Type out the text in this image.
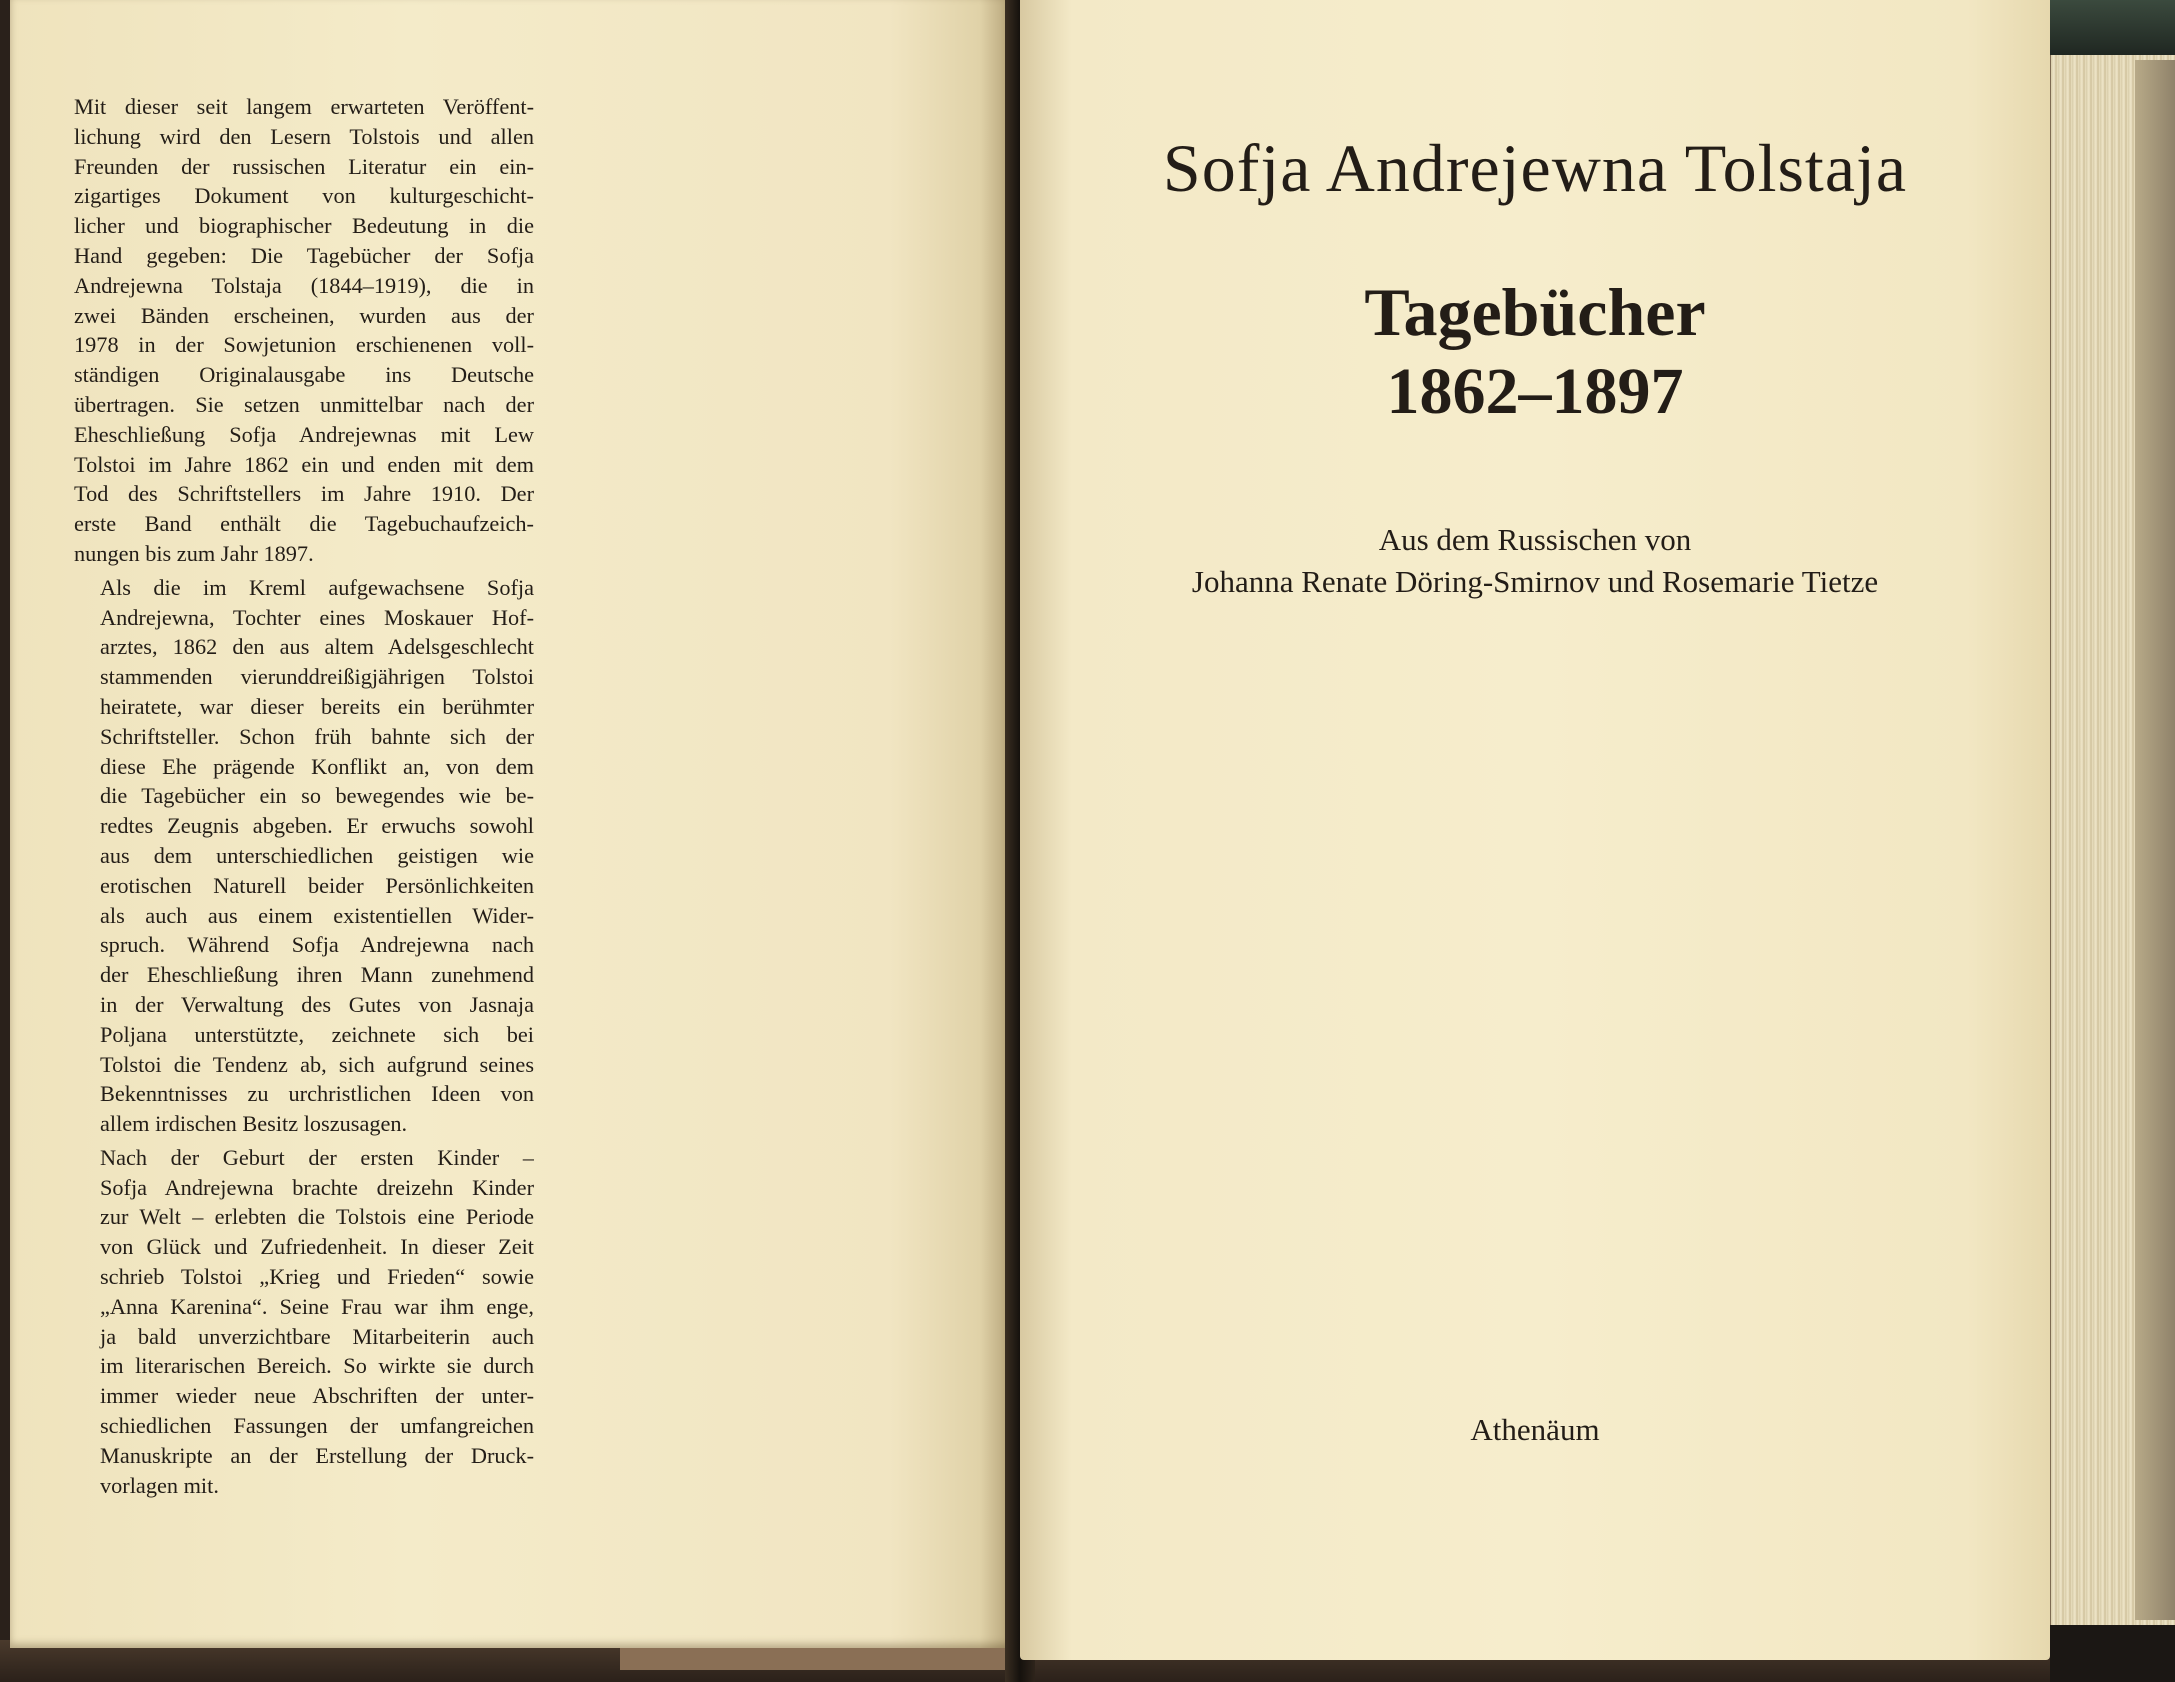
Mit dieser seit langem erwarteten Veröffent-
lichung wird den Lesern Tolstois und allen
Freunden der russischen Literatur ein ein-
zigartiges Dokument von kulturgeschicht-
licher und biographischer Bedeutung in die
Hand gegeben: Die Tagebücher der Sofja
Andrejewna Tolstaja (1844–1919), die in
zwei Bänden erscheinen, wurden aus der
1978 in der Sowjetunion erschienenen voll-
ständigen Originalausgabe ins Deutsche
übertragen. Sie setzen unmittelbar nach der
Eheschließung Sofja Andrejewnas mit Lew
Tolstoi im Jahre 1862 ein und enden mit dem
Tod des Schriftstellers im Jahre 1910. Der
erste Band enthält die Tagebuchaufzeich-
nungen bis zum Jahr 1897.

Als die im Kreml aufgewachsene Sofja
Andrejewna, Tochter eines Moskauer Hof-
arztes, 1862 den aus altem Adelsgeschlecht
stammenden vierunddreißigjährigen Tolstoi
heiratete, war dieser bereits ein berühmter
Schriftsteller. Schon früh bahnte sich der
diese Ehe prägende Konflikt an, von dem
die Tagebücher ein so bewegendes wie be-
redtes Zeugnis abgeben. Er erwuchs sowohl
aus dem unterschiedlichen geistigen wie
erotischen Naturell beider Persönlichkeiten
als auch aus einem existentiellen Wider-
spruch. Während Sofja Andrejewna nach
der Eheschließung ihren Mann zunehmend
in der Verwaltung des Gutes von Jasnaja
Poljana unterstützte, zeichnete sich bei
Tolstoi die Tendenz ab, sich aufgrund seines
Bekenntnisses zu urchristlichen Ideen von
allem irdischen Besitz loszusagen.

Nach der Geburt der ersten Kinder –
Sofja Andrejewna brachte dreizehn Kinder
zur Welt – erlebten die Tolstois eine Periode
von Glück und Zufriedenheit. In dieser Zeit
schrieb Tolstoi „Krieg und Frieden“ sowie
„Anna Karenina“. Seine Frau war ihm enge,
ja bald unverzichtbare Mitarbeiterin auch
im literarischen Bereich. So wirkte sie durch
immer wieder neue Abschriften der unter-
schiedlichen Fassungen der umfangreichen
Manuskripte an der Erstellung der Druck-
vorlagen mit.

Sofja Andrejewna Tolstaja
Tagebücher
1862–1897
Aus dem Russischen von
Johanna Renate Döring-Smirnov und Rosemarie Tietze
Athenäum
